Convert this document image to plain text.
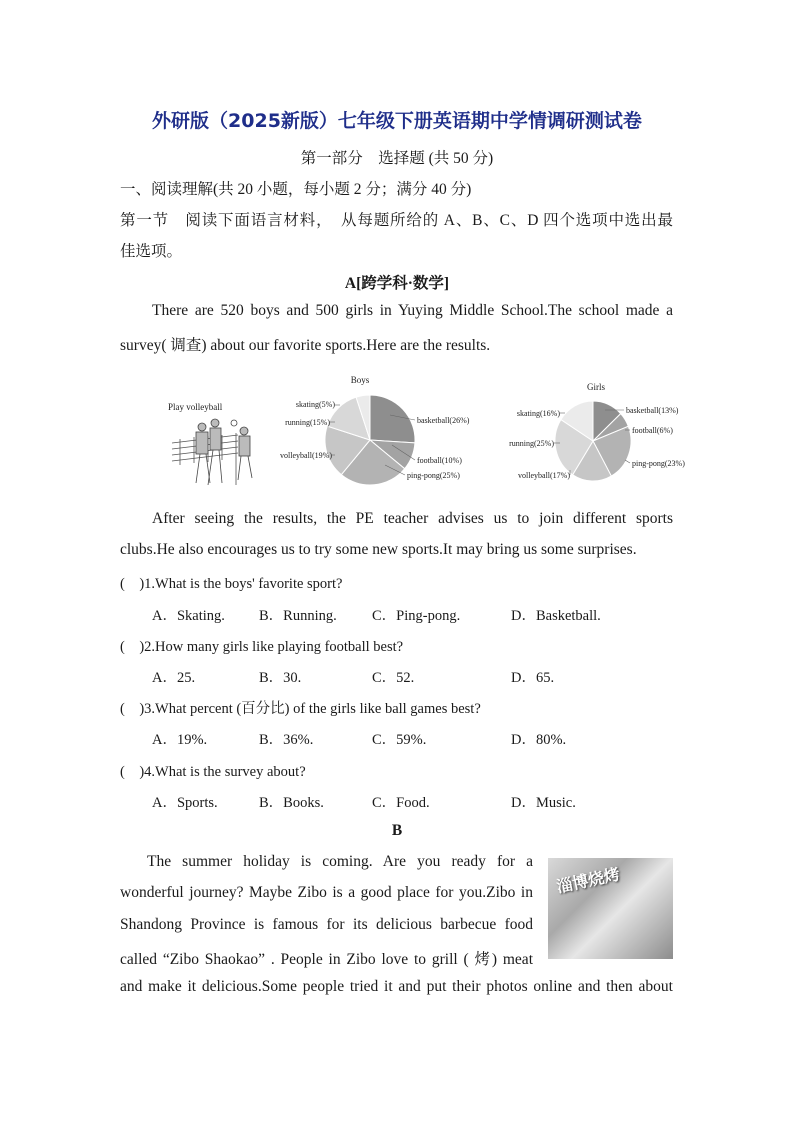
外研版（2025新版）七年级下册英语期中学情调研测试卷
第一部分　选择题 (共 50 分)
一、阅读理解(共 20 小题，每小题 2 分；满分 40 分)
第一节　阅读下面语言材料，　从每题所给的 A、B、C、D 四个选项中选出最
佳选项。
A[跨学科·数学]
There are 520 boys and 500 girls in Yuying Middle School.The school made a
survey( 调查) about our favorite sports.Here are the results.
Play volleyball
Boys
skating(5%)
running(15%)
volleyball(19%)
basketball(26%)
football(10%)
ping-pong(25%)
Girls
skating(16%)
running(25%)
volleyball(17%)
basketball(13%)
football(6%)
ping-pong(23%)
After seeing the results, the PE teacher advises us to join different sports
clubs.He also encourages us to try some new sports.It may bring us some surprises.
(　)1.What is the boys' favorite sport?
A．Skating. B．Running. C．Ping-pong.	D．Basketball.
(　)2.How many girls like playing football best?
A．25.	B．30.	C．52.	D．65.
(　)3.What percent (百分比) of the girls like ball games best?
A．19%.	B．36%.	C．59%.	D．80%.
(　)4.What is the survey about?
A．Sports.	B．Books.	C．Food.	D．Music.
B
淄博烧烤
The summer holiday is coming. Are you ready for a
wonderful journey? Maybe Zibo is a good place for you.Zibo in
Shandong Province is famous for its delicious barbecue food
called “Zibo Shaokao” . People in Zibo love to grill ( 烤) meat
and make it delicious.Some people tried it and put their photos online and then about
